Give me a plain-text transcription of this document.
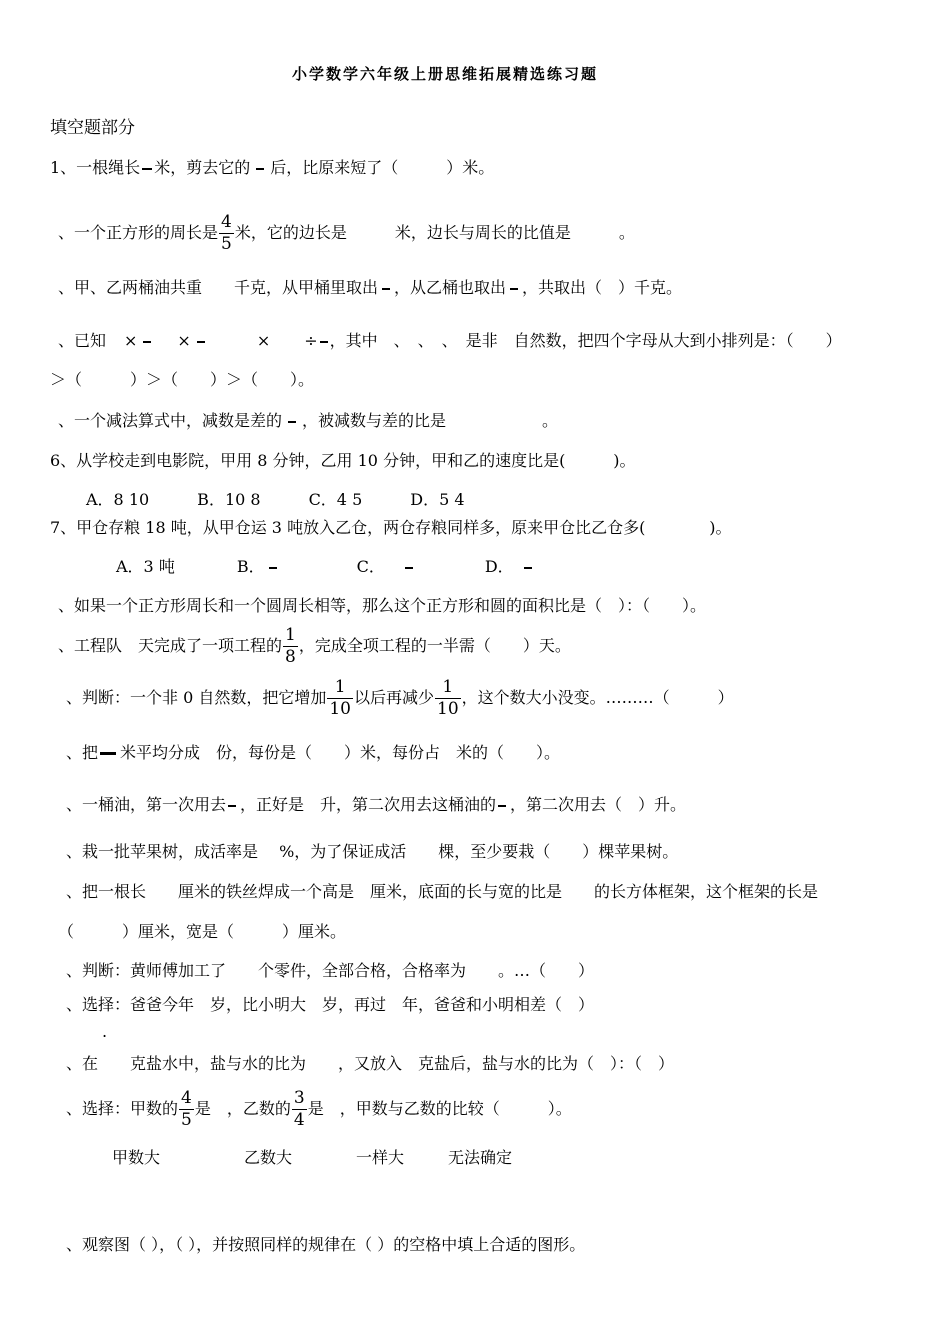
小学数学六年级上册思维拓展精选练习题
填空题部分
1、一根绳长 米，剪去它的 后，比原来短了（　　　）米。
、一个正方形的周长是 $\frac{4}{5}$ 米，它的边长是　　　米，边长与周长的比值是　　　。
、甲、乙两桶油共重　　千克，从甲桶里取出 ，从乙桶也取出 ，共取出（　）千克。
、已知 ×	×	× ÷ ，其中　、　、　、　是非　自然数，把四个字母从大到小排列是：（　　）
＞（　　　）＞（　　）＞（　　）。
、一个减法算式中，减数是差的 ，被减数与差的比是　　　　　　。
6、从学校走到电影院，甲用 8 分钟，乙用 10 分钟，甲和乙的速度比是(　　　)。
A．8 10　　　B．10 8　　　C．4 5　　　D．5 4
7、甲仓存粮 18 吨，从甲仓运 3 吨放入乙仓，两仓存粮同样多，原来甲仓比乙仓多(　　　　)。
A．3 吨	B．	C．	D．
、如果一个正方形周长和一个圆周长相等，那么这个正方形和圆的面积比是（　）：（　　）。
、工程队　天完成了一项工程的 $\frac{1}{8}$ ，完成全项工程的一半需（　　）天。
、判断：一个非 0 自然数，把它增加 $\frac{1}{10}$ 以后再减少 $\frac{1}{10}$ ，这个数大小没变。………（　　　）
、把 米平均分成　份，每份是（　　）米，每份占　米的（　　）。
、一桶油，第一次用去 ，正好是　升，第二次用去这桶油的 ，第二次用去（　）升。
、栽一批苹果树，成活率是　 %，为了保证成活　　棵，至少要栽（　　）棵苹果树。
、把一根长　　厘米的铁丝焊成一个高是　厘米，底面的长与宽的比是　　的长方体框架，这个框架的长是
（　　　）厘米，宽是（　　　）厘米。
、判断：黄师傅加工了　　个零件，全部合格，合格率为　　。…（　　）
、选择：爸爸今年　岁，比小明大　岁，再过　年，爸爸和小明相差（　）
.
、在　　克盐水中，盐与水的比为　　，又放入　克盐后，盐与水的比为（　）：（　）
、选择：甲数的 $\frac{4}{5}$ 是　，乙数的 $\frac{3}{4}$ 是　，甲数与乙数的比较（　　　）。
甲数大	乙数大	一样大	无法确定
、观察图（ ），（ ），并按照同样的规律在（ ）的空格中填上合适的图形。
